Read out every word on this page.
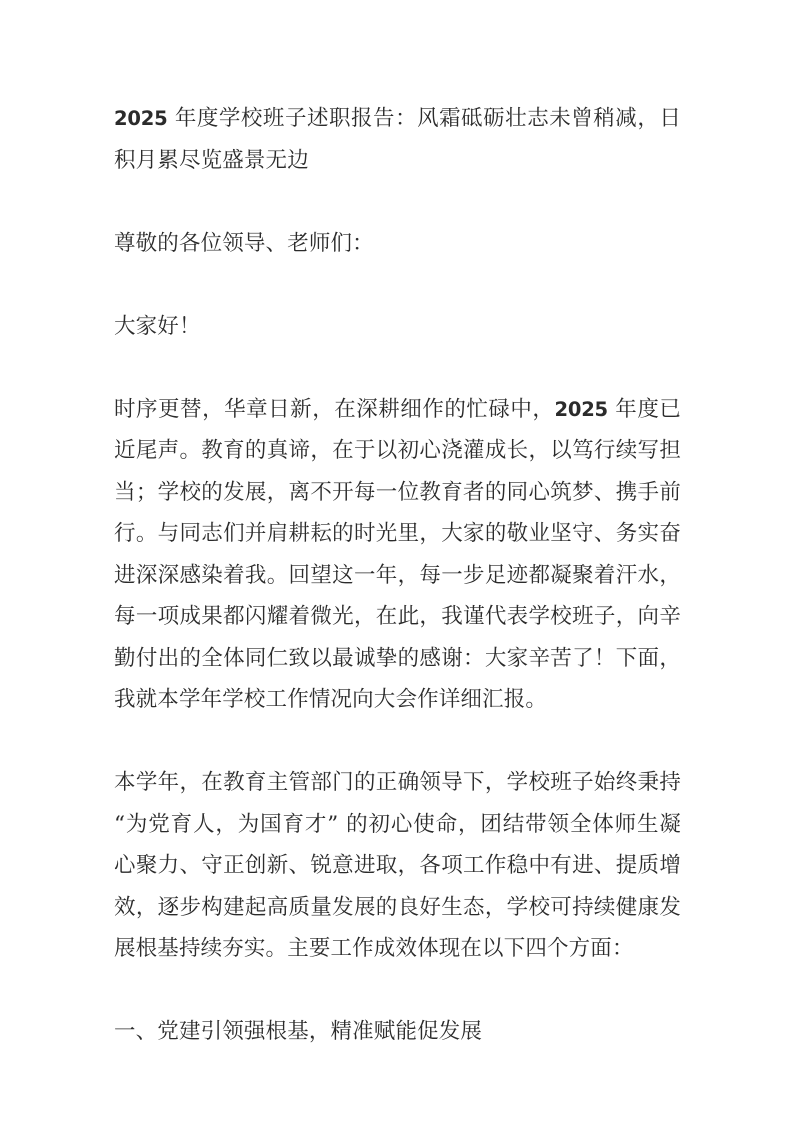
2025 年度学校班子述职报告：风霜砥砺壮志未曾稍减，日积月累尽览盛景无边

尊敬的各位领导、老师们：

大家好！

时序更替，华章日新，在深耕细作的忙碌中，2025 年度已近尾声。教育的真谛，在于以初心浇灌成长，以笃行续写担当；学校的发展，离不开每一位教育者的同心筑梦、携手前行。与同志们并肩耕耘的时光里，大家的敬业坚守、务实奋进深深感染着我。回望这一年，每一步足迹都凝聚着汗水，每一项成果都闪耀着微光，在此，我谨代表学校班子，向辛勤付出的全体同仁致以最诚挚的感谢：大家辛苦了！下面，我就本学年学校工作情况向大会作详细汇报。

本学年，在教育主管部门的正确领导下，学校班子始终秉持 “为党育人，为国育才” 的初心使命，团结带领全体师生凝心聚力、守正创新、锐意进取，各项工作稳中有进、提质增效，逐步构建起高质量发展的良好生态，学校可持续健康发展根基持续夯实。主要工作成效体现在以下四个方面：

一、党建引领强根基，精准赋能促发展
